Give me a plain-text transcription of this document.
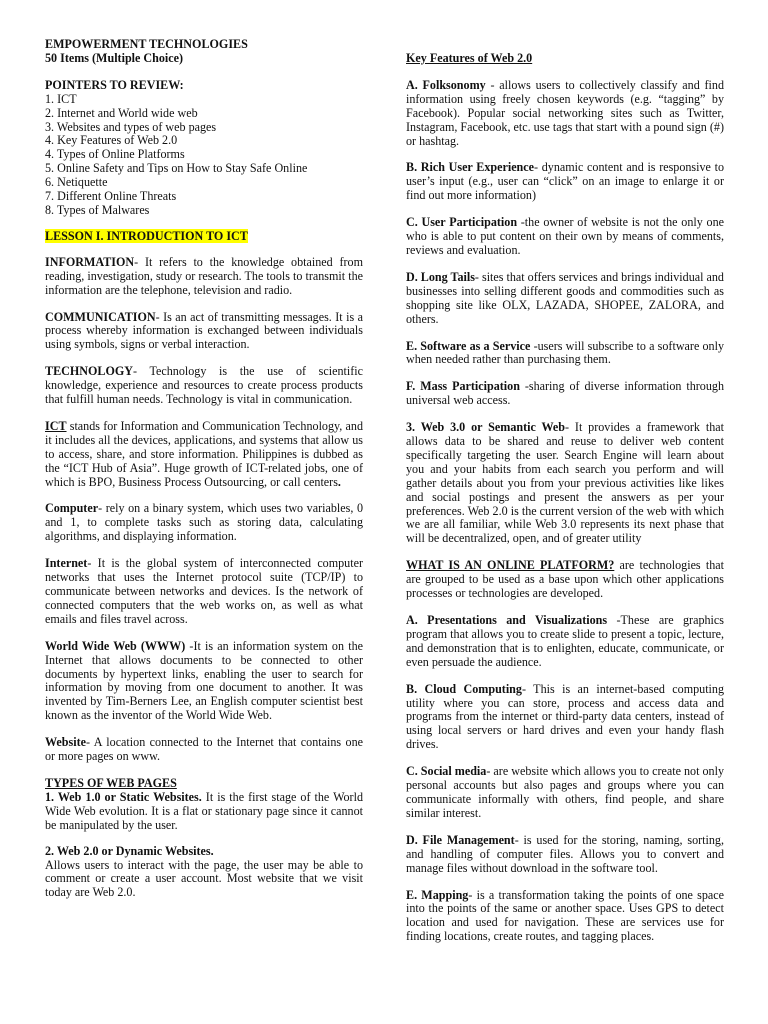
EMPOWERMENT TECHNOLOGIES
50 Items (Multiple Choice)
POINTERS TO REVIEW:
1. ICT
2. Internet and World wide web
3. Websites and types of web pages
4. Key Features of Web 2.0
4. Types of Online Platforms
5. Online Safety and Tips on How to Stay Safe Online
6. Netiquette
7. Different Online Threats
8. Types of Malwares
LESSON I. INTRODUCTION TO ICT

INFORMATION- It refers to the knowledge obtained from reading, investigation, study or research. The tools to transmit the information are the telephone, television and radio.

COMMUNICATION- Is an act of transmitting messages. It is a process whereby information is exchanged between individuals using symbols, signs or verbal interaction.

TECHNOLOGY- Technology is the use of scientific knowledge, experience and resources to create process products that fulfill human needs. Technology is vital in communication.

ICT stands for Information and Communication Technology, and it includes all the devices, applications, and systems that allow us to access, share, and store information. Philippines is dubbed as the “ICT Hub of Asia”. Huge growth of ICT-related jobs, one of which is BPO, Business Process Outsourcing, or call centers.

Computer- rely on a binary system, which uses two variables, 0 and 1, to complete tasks such as storing data, calculating algorithms, and displaying information.

Internet- It is the global system of interconnected computer networks that uses the Internet protocol suite (TCP/IP) to communicate between networks and devices. Is the network of connected computers that the web works on, as well as what emails and files travel across.

World Wide Web (WWW) -It is an information system on the Internet that allows documents to be connected to other documents by hypertext links, enabling the user to search for information by moving from one document to another. It was invented by Tim-Berners Lee, an English computer scientist best known as the inventor of the World Wide Web.

Website- A location connected to the Internet that contains one or more pages on www.

TYPES OF WEB PAGES

1. Web 1.0 or Static Websites. It is the first stage of the World Wide Web evolution. It is a flat or stationary page since it cannot be manipulated by the user.

2. Web 2.0 or Dynamic Websites.

Allows users to interact with the page, the user may be able to comment or create a user account. Most website that we visit today are Web 2.0.

Key Features of Web 2.0

A. Folksonomy - allows users to collectively classify and find information using freely chosen keywords (e.g. “tagging” by Facebook). Popular social networking sites such as Twitter, Instagram, Facebook, etc. use tags that start with a pound sign (#) or hashtag.

B. Rich User Experience- dynamic content and is responsive to user’s input (e.g., user can “click” on an image to enlarge it or find out more information)

C. User Participation -the owner of website is not the only one who is able to put content on their own by means of comments, reviews and evaluation.

D. Long Tails- sites that offers services and brings individual and businesses into selling different goods and commodities such as shopping site like OLX, LAZADA, SHOPEE, ZALORA, and others.

E. Software as a Service -users will subscribe to a software only when needed rather than purchasing them.

F. Mass Participation -sharing of diverse information through universal web access.

3. Web 3.0 or Semantic Web- It provides a framework that allows data to be shared and reuse to deliver web content specifically targeting the user. Search Engine will learn about you and your habits from each search you perform and will gather details about you from your previous activities like likes and social postings and present the answers as per your preferences. Web 2.0 is the current version of the web with which we are all familiar, while Web 3.0 represents its next phase that will be decentralized, open, and of greater utility

WHAT IS AN ONLINE PLATFORM? are technologies that are grouped to be used as a base upon which other applications processes or technologies are developed.

A. Presentations and Visualizations -These are graphics program that allows you to create slide to present a topic, lecture, and demonstration that is to enlighten, educate, communicate, or even persuade the audience.

B. Cloud Computing- This is an internet-based computing utility where you can store, process and access data and programs from the internet or third-party data centers, instead of using local servers or hard drives and even your handy flash drives.

C. Social media- are website which allows you to create not only personal accounts but also pages and groups where you can communicate informally with others, find people, and share similar interest.

D. File Management- is used for the storing, naming, sorting, and handling of computer files. Allows you to convert and manage files without download in the software tool.

E. Mapping- is a transformation taking the points of one space into the points of the same or another space. Uses GPS to detect location and used for navigation. These are services use for finding locations, create routes, and tagging places.
